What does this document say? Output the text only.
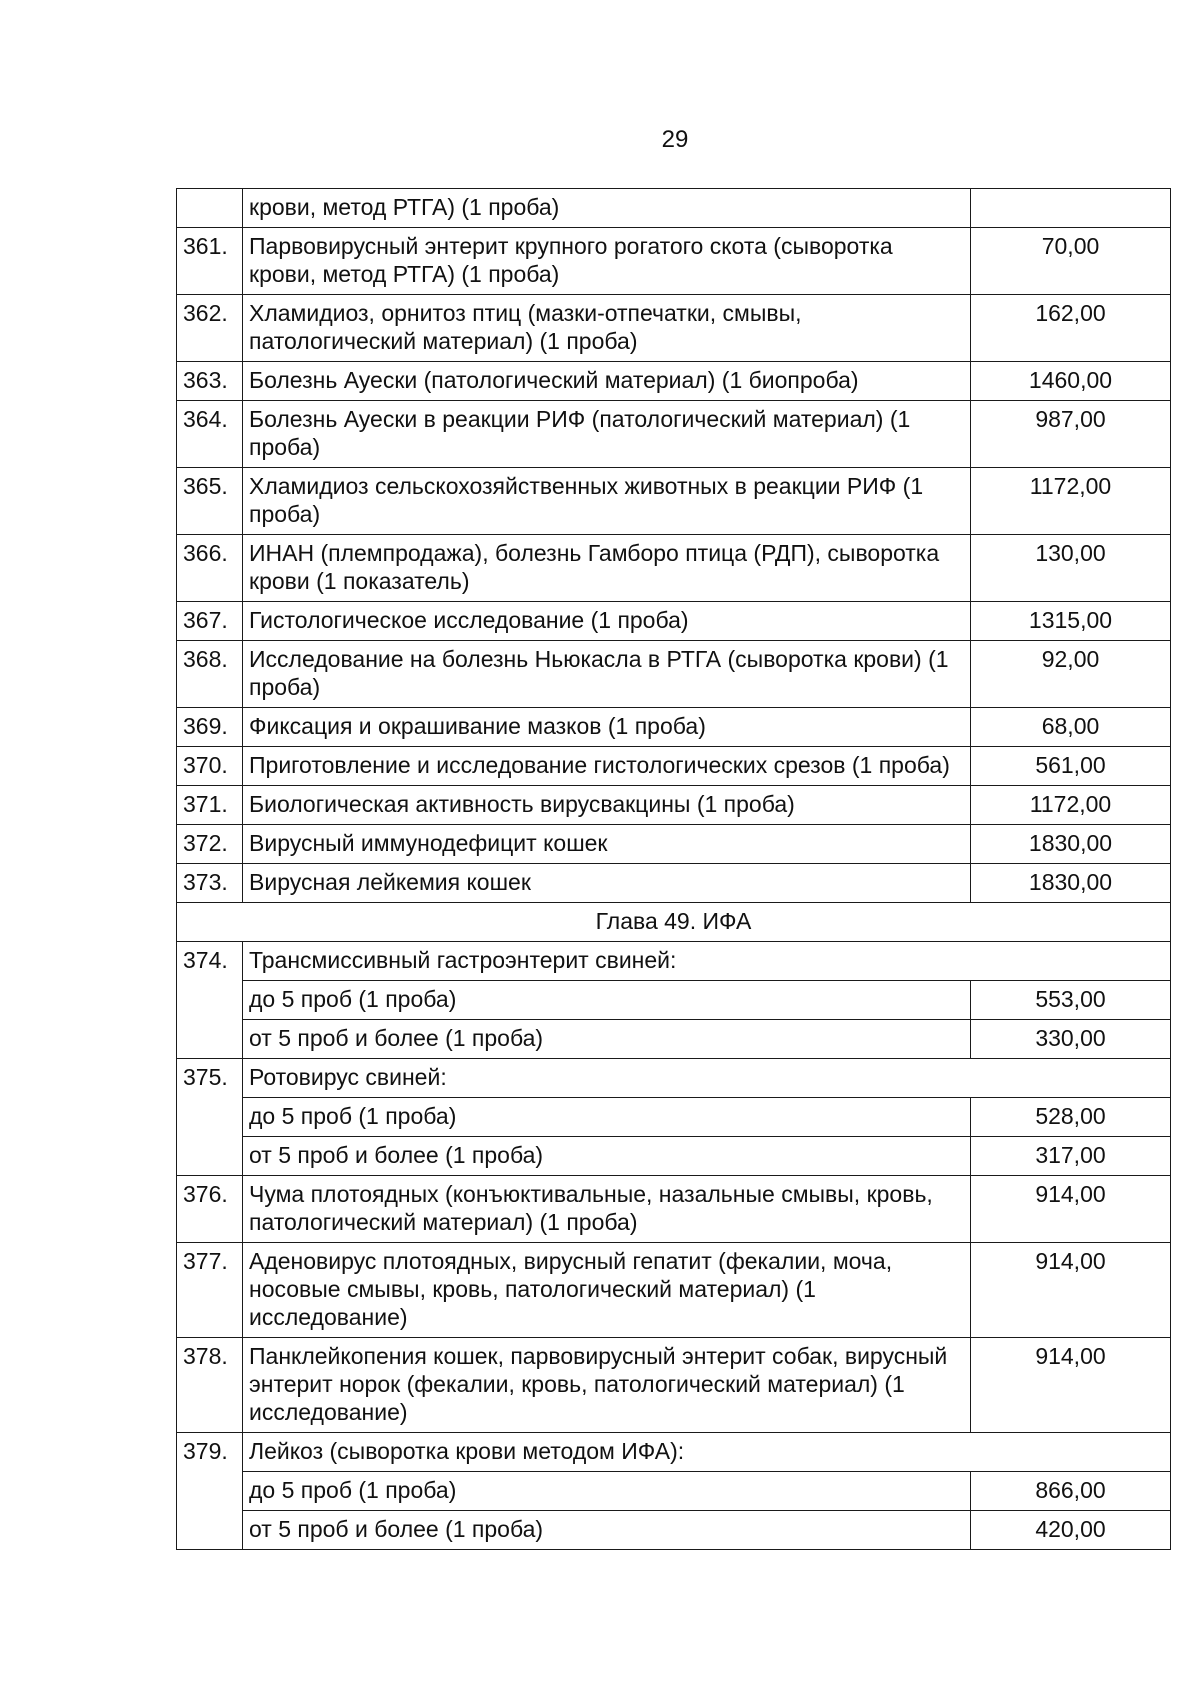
29
	крови, метод РТГА) (1 проба)	
361.	Парвовирусный энтерит крупного рогатого скота (сыворотка крови, метод РТГА) (1 проба)	70,00
362.	Хламидиоз, орнитоз птиц (мазки-отпечатки, смывы, патологический материал) (1 проба)	162,00
363.	Болезнь Ауески (патологический материал) (1 биопроба)	1460,00
364.	Болезнь Ауески в реакции РИФ (патологический материал) (1 проба)	987,00
365.	Хламидиоз сельскохозяйственных животных в реакции РИФ (1 проба)	1172,00
366.	ИНАН (племпродажа), болезнь Гамборо птица (РДП), сыворотка крови (1 показатель)	130,00
367.	Гистологическое исследование (1 проба)	1315,00
368.	Исследование на болезнь Ньюкасла в РТГА (сыворотка крови) (1 проба)	92,00
369.	Фиксация и окрашивание мазков (1 проба)	68,00
370.	Приготовление и исследование гистологических срезов (1 проба)	561,00
371.	Биологическая активность вирусвакцины (1 проба)	1172,00
372.	Вирусный иммунодефицит кошек	1830,00
373.	Вирусная лейкемия кошек	1830,00
Глава 49. ИФА		
374.	Трансмиссивный гастроэнтерит свиней:	
	до 5 проб (1 проба)	553,00
	от 5 проб и более (1 проба)	330,00
375.	Ротовирус свиней:	
	до 5 проб (1 проба)	528,00
	от 5 проб и более (1 проба)	317,00
376.	Чума плотоядных (конъюктивальные, назальные смывы, кровь, патологический материал) (1 проба)	914,00
377.	Аденовирус плотоядных, вирусный гепатит (фекалии, моча, носовые смывы, кровь, патологический материал) (1 исследование)	914,00
378.	Панклейкопения кошек, парвовирусный энтерит собак, вирусный энтерит норок (фекалии, кровь, патологический материал) (1 исследование)	914,00
379.	Лейкоз (сыворотка крови методом ИФА):	
	до 5 проб (1 проба)	866,00
	от 5 проб и более (1 проба)	420,00
